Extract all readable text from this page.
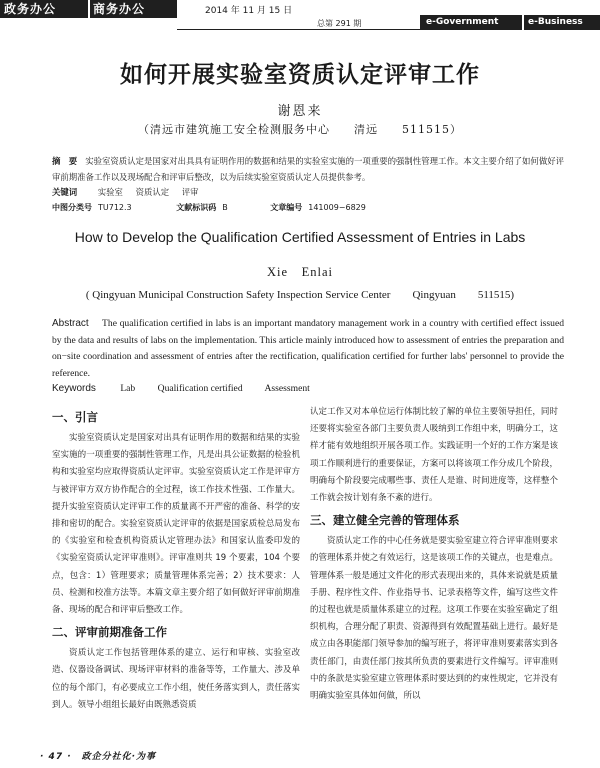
政务办公	商务办公	2014 年 11 月 15 日
总第 291 期	e-Government	e-Business
如何开展实验室资质认定评审工作
谢恩来
（清远市建筑施工安全检测服务中心　　清远　　511515）
摘　要 实验室资质认定是国家对出具具有证明作用的数据和结果的实验室实施的一项重要的强制性管理工作。本文主要介绍了如何做好评审前期准备工作以及现场配合和评审后整改，以为后续实验室资质认定人员提供参考。
关键词 实验室 资质认定 评审
中图分类号 TU712.3	文献标识码 B	文章编号 141009−6829
How to Develop the Qualification Certified Assessment of Entries in Labs
Xie　Enlai
( Qingyuan Municipal Construction Safety Inspection Service Center　　Qingyuan　　511515)
Abstract The qualification certified in labs is an important mandatory management work in a country with certified effect issued by the data and results of labs on the implementation. This article mainly introduced how to assessment of entries the preparation and on−site coordination and assessment of entries after the rectification, qualification certified for further labs' personnel to provide the reference.
Keywords	Lab Qualification certified Assessment
一、引言

实验室资质认定是国家对出具有证明作用的数据和结果的实验室实施的一项重要的强制性管理工作，凡是出具公证数据的检验机构和实验室均应取得资质认定评审。实验室资质认定工作是评审方与被评审方双方协作配合的全过程，该工作技术性强、工作量大。提升实验室资质认定评审工作的质量离不开严密的准备、科学的安排和密切的配合。实验室资质认定评审的依据是国家质检总局发布的《实验室和检查机构资质认定管理办法》和国家认监委印发的《实验室资质认定评审准则》。评审准则共 19 个要素，104 个要点，包含：1）管理要求；质量管理体系完善；2）技术要求：人员、检测和校准方法等。本篇文章主要介绍了如何做好评审前期准备、现场的配合和评审后整改工作。

二、评审前期准备工作

资质认定工作包括管理体系的建立、运行和审核、实验室改造、仪器设备调试、现场评审材料的准备等等，工作量大、涉及单位的每个部门，有必要成立工作小组，使任务落实到人，责任落实到人。领导小组组长最好由既熟悉资质

认定工作又对本单位运行体制比较了解的单位主要领导担任，同时还要将实验室各部门主要负责人吸纳到工作组中来，明确分工，这样才能有效地组织开展各项工作。实践证明一个好的工作方案是该项工作顺利进行的重要保证，方案可以将该项工作分成几个阶段，明确每个阶段要完成哪些事、责任人是谁、时间进度等，这样整个工作就会按计划有条不紊的进行。

三、建立健全完善的管理体系

资质认定工作的中心任务就是要实验室建立符合评审准则要求的管理体系并使之有效运行，这是该项工作的关键点，也是难点。管理体系一般是通过文件化的形式表现出来的，具体来说就是质量手册、程序性文件、作业指导书、记录表格等文件，编写这些文件的过程也就是质量体系建立的过程。这项工作要在实验室确定了组织机构，合理分配了职责、资源得到有效配置基础上进行。最好是成立由各职能部门领导参加的编写班子，将评审准则要素落实到各责任部门，由责任部门按其所负责的要素进行文件编写。评审准则中的条款是实验室建立管理体系时要达到的约束性规定，它并没有明确实验室具体如何做，所以

· 47 ·　政企分社化·为事
